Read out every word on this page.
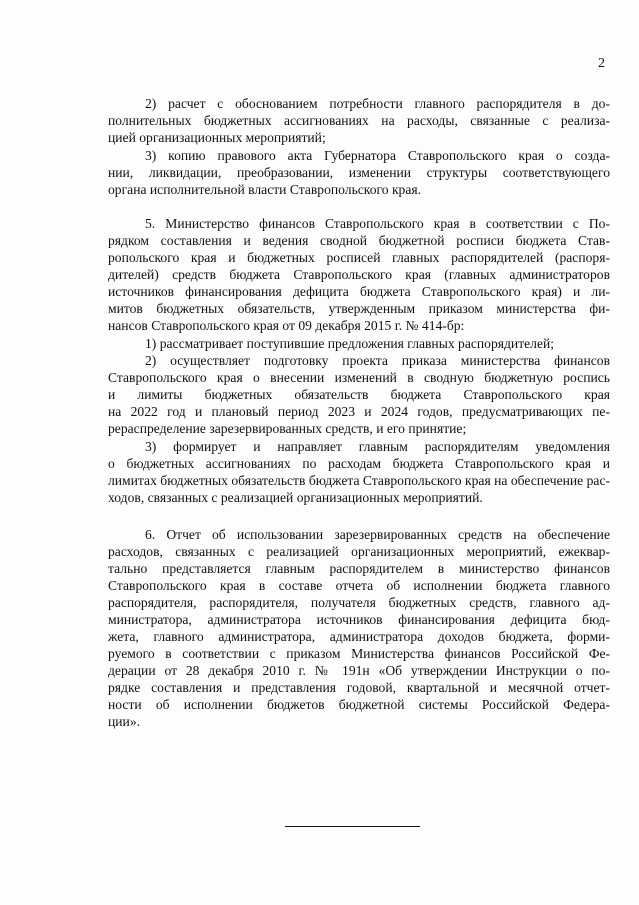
2
2) расчет с обоснованием потребности главного распорядителя в до-
полнительных бюджетных ассигнованиях на расходы, связанные с реализа-
цией организационных мероприятий;
3) копию правового акта Губернатора Ставропольского края о созда-
нии, ликвидации, преобразовании, изменении структуры соответствующего
органа исполнительной власти Ставропольского края.
5. Министерство финансов Ставропольского края в соответствии с По-
рядком составления и ведения сводной бюджетной росписи бюджета Став-
ропольского края и бюджетных росписей главных распорядителей (распоря-
дителей) средств бюджета Ставропольского края (главных администраторов
источников финансирования дефицита бюджета Ставропольского края) и ли-
митов бюджетных обязательств, утвержденным приказом министерства фи-
нансов Ставропольского края от 09 декабря 2015 г. № 414-бр:
1) рассматривает поступившие предложения главных распорядителей;
2) осуществляет подготовку проекта приказа министерства финансов
Ставропольского края о внесении изменений в сводную бюджетную роспись
и лимиты бюджетных обязательств бюджета Ставропольского края
на 2022 год и плановый период 2023 и 2024 годов, предусматривающих пе-
рераспределение зарезервированных средств, и его принятие;
3) формирует и направляет главным распорядителям уведомления
о бюджетных ассигнованиях по расходам бюджета Ставропольского края и
лимитах бюджетных обязательств бюджета Ставропольского края на обеспечение рас-
ходов, связанных с реализацией организационных мероприятий.
6. Отчет об использовании зарезервированных средств на обеспечение
расходов, связанных с реализацией организационных мероприятий, ежеквар-
тально представляется главным распорядителем в министерство финансов
Ставропольского края в составе отчета об исполнении бюджета главного
распорядителя, распорядителя, получателя бюджетных средств, главного ад-
министратора, администратора источников финансирования дефицита бюд-
жета, главного администратора, администратора доходов бюджета, форми-
руемого в соответствии с приказом Министерства финансов Российской Фе-
дерации от 28 декабря 2010 г. № 191н «Об утверждении Инструкции о по-
рядке составления и представления годовой, квартальной и месячной отчет-
ности об исполнении бюджетов бюджетной системы Российской Федера-
ции».
